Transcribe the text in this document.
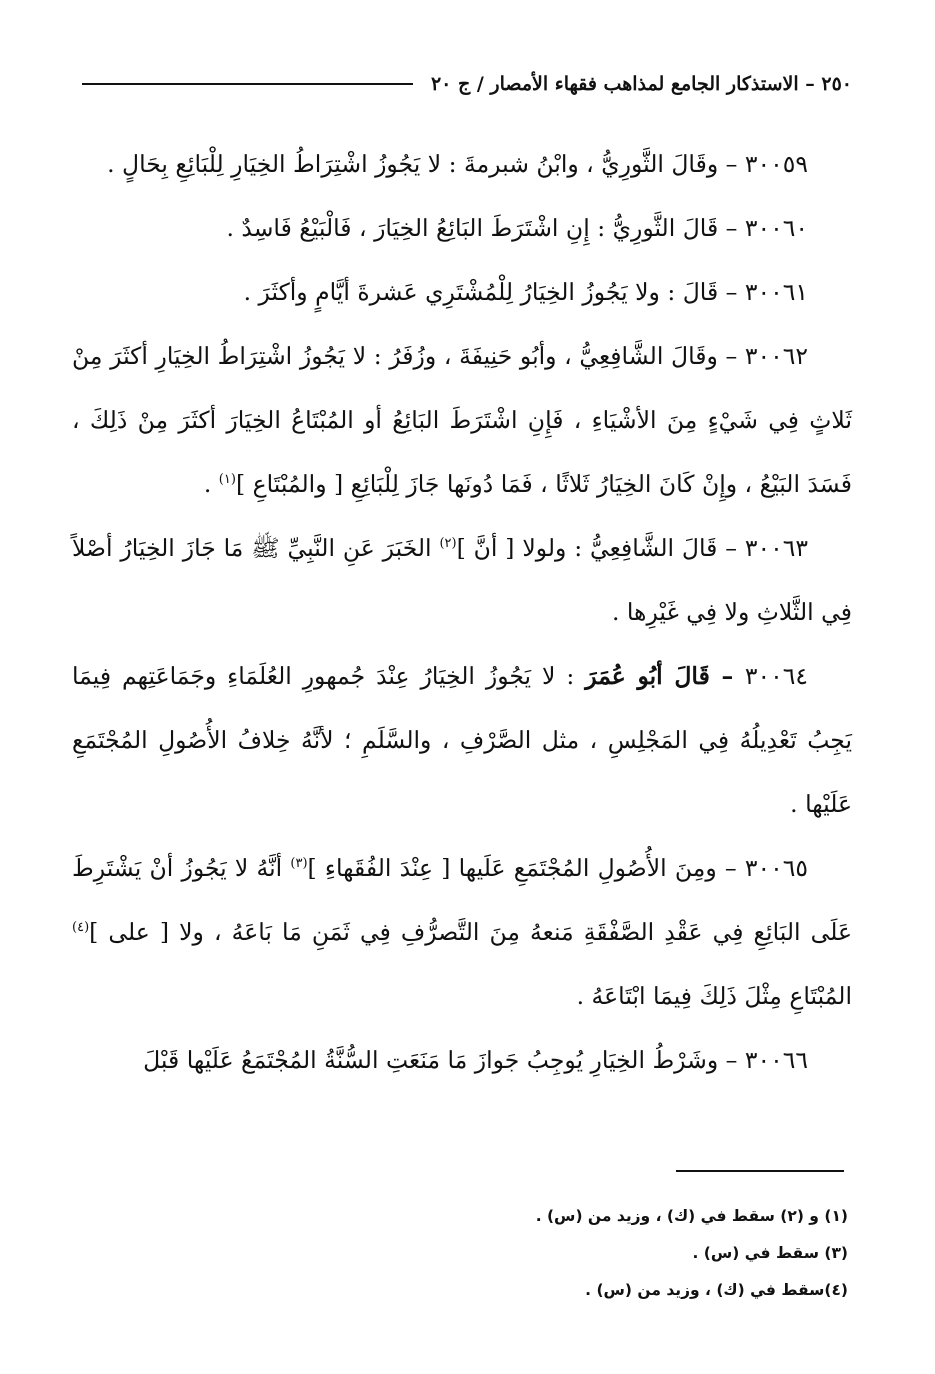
٢٥٠ – الاستذكار الجامع لمذاهب فقهاء الأمصار / ج ٢٠

٣٠٠٥٩ – وقَالَ الثَّورِيُّ ، وابْنُ شبرمةَ : لا يَجُوزُ اشْتِرَاطُ الخِيَارِ لِلْبَائِعِ بِحَالٍ .

٣٠٠٦٠ – قَالَ الثَّورِيُّ : إِنِ اشْتَرَطَ البَائِعُ الخِيَارَ ، فَالْبَيْعُ فَاسِدٌ .

٣٠٠٦١ – قَالَ : ولا يَجُوزُ الخِيَارُ لِلْمُشْتَرِي عَشرةَ أيَّامٍ وأكثَرَ .

٣٠٠٦٢ – وقَالَ الشَّافِعِيُّ ، وأبُو حَنِيفَةَ ، وزُفَرُ : لا يَجُوزُ اشْتِرَاطُ الخِيَارِ أكثَرَ مِنْ ثَلاثٍ فِي شَيْءٍ مِنَ الأشْيَاءِ ، فَإِنِ اشْتَرَطَ البَائِعُ أو المُبْتَاعُ الخِيَارَ أكثَرَ مِنْ ذَلِكَ ، فَسَدَ البَيْعُ ، وإِنْ كَانَ الخِيَارُ ثَلاثًا ، فَمَا دُونَها جَازَ لِلْبَائِعِ [ والمُبْتَاعِ ]$^{(١)}$ .

٣٠٠٦٣ – قَالَ الشَّافِعِيُّ : ولولا [ أنَّ ]$^{(٢)}$ الخَبَرَ عَنِ النَّبِيِّ ﷺ مَا جَازَ الخِيَارُ أصْلاً فِي الثَّلاثِ ولا فِي غَيْرِها .

٣٠٠٦٤ – قَالَ أبُو عُمَرَ : لا يَجُوزُ الخِيَارُ عِنْدَ جُمهورِ العُلَمَاءِ وجَمَاعَتِهم فِيمَا يَجِبُ تَعْدِيلُهُ فِي المَجْلِسِ ، مثل الصَّرْفِ ، والسَّلَمِ ؛ لأنَّهُ خِلافُ الأُصُولِ المُجْتَمَعِ عَلَيْها .

٣٠٠٦٥ – ومِنَ الأُصُولِ المُجْتَمَعِ عَلَيها [ عِنْدَ الفُقَهاءِ ]$^{(٣)}$ أنَّهُ لا يَجُوزُ أنْ يَشْتَرِطَ عَلَى البَائِعِ فِي عَقْدِ الصَّفْقَةِ مَنعهُ مِنَ التَّصرُّفِ فِي ثَمَنِ مَا بَاعَهُ ، ولا [ على ]$^{(٤)}$ المُبْتَاعِ مِثْلَ ذَلِكَ فِيمَا ابْتَاعَهُ .

٣٠٠٦٦ – وشَرْطُ الخِيَارِ يُوجِبُ جَوازَ مَا مَنَعَتِ السُّنَّةُ المُجْتَمَعُ عَلَيْها قَبْلَ

(١) و (٢) سقط في (ك) ، وزيد من (س) .
(٣) سقط في (س) .
(٤)سقط في (ك) ، وزيد من (س) .
